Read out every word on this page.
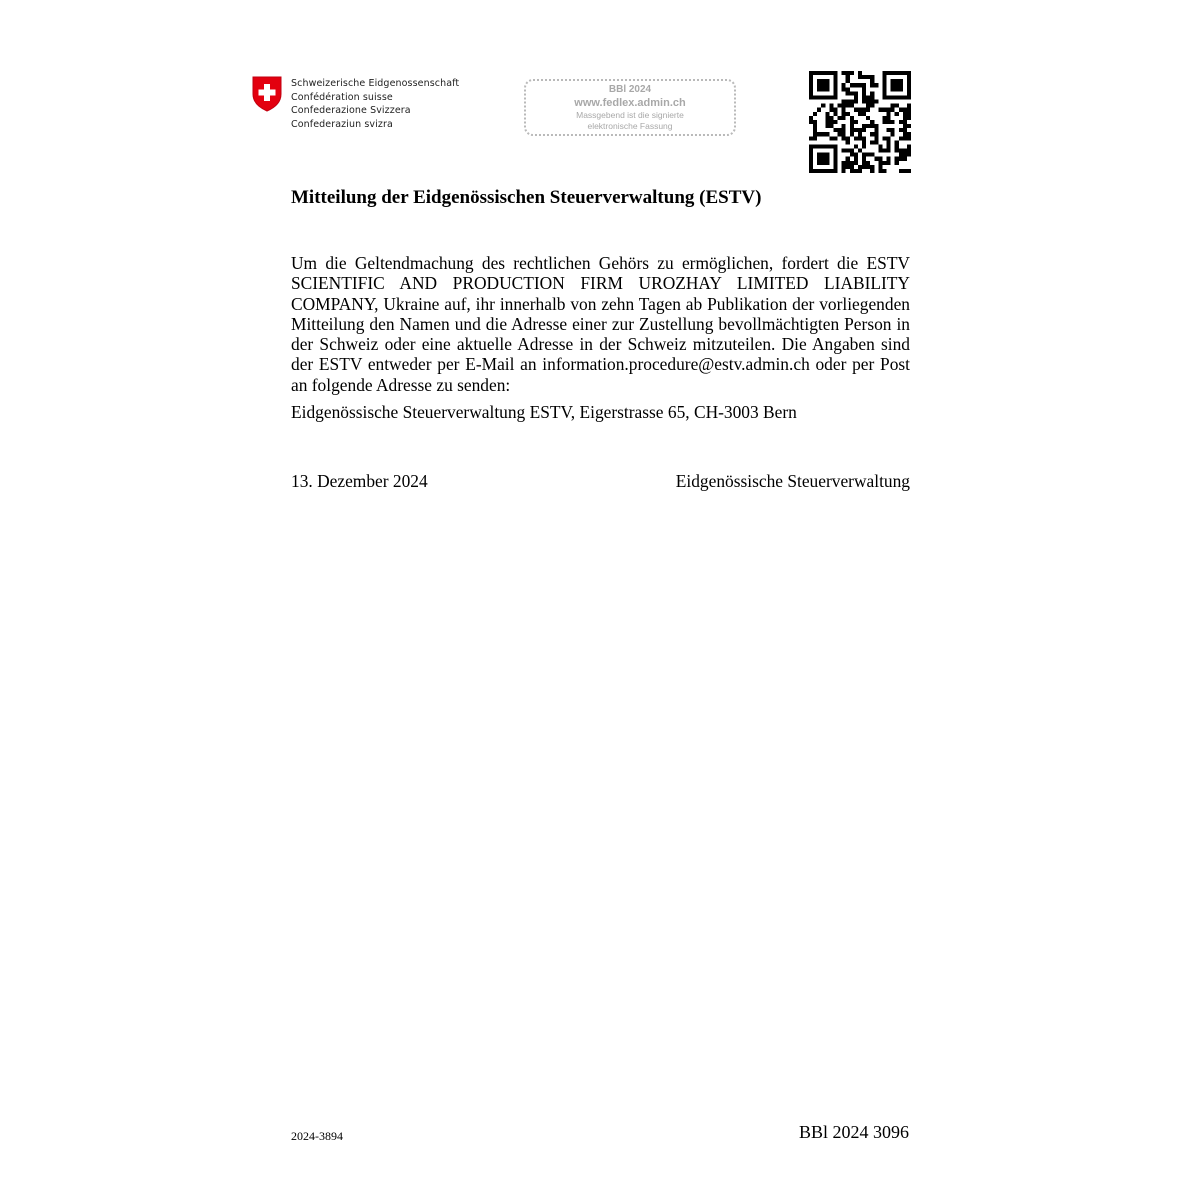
Schweizerische Eidgenossenschaft
Confédération suisse
Confederazione Svizzera
Confederaziun svizra
BBl 2024
www.fedlex.admin.ch
Massgebend ist die signierte
elektronische Fassung
Mitteilung der Eidgenössischen Steuerverwaltung (ESTV)
Um die Geltendmachung des rechtlichen Gehörs zu ermöglichen, fordert die ESTV SCIENTIFIC AND PRODUCTION FIRM UROZHAY LIMITED LIABILITY COMPANY, Ukraine auf, ihr innerhalb von zehn Tagen ab Publikation der vorliegenden Mitteilung den Namen und die Adresse einer zur Zustellung bevollmächtigten Person in der Schweiz oder eine aktuelle Adresse in der Schweiz mitzuteilen. Die Angaben sind der ESTV entweder per E-Mail an information.procedure@estv.admin.ch oder per Post an folgende Adresse zu senden:
Eidgenössische Steuerverwaltung ESTV, Eigerstrasse 65, CH-3003 Bern
13. Dezember 2024	Eidgenössische Steuerverwaltung
2024-3894	BBl 2024 3096
